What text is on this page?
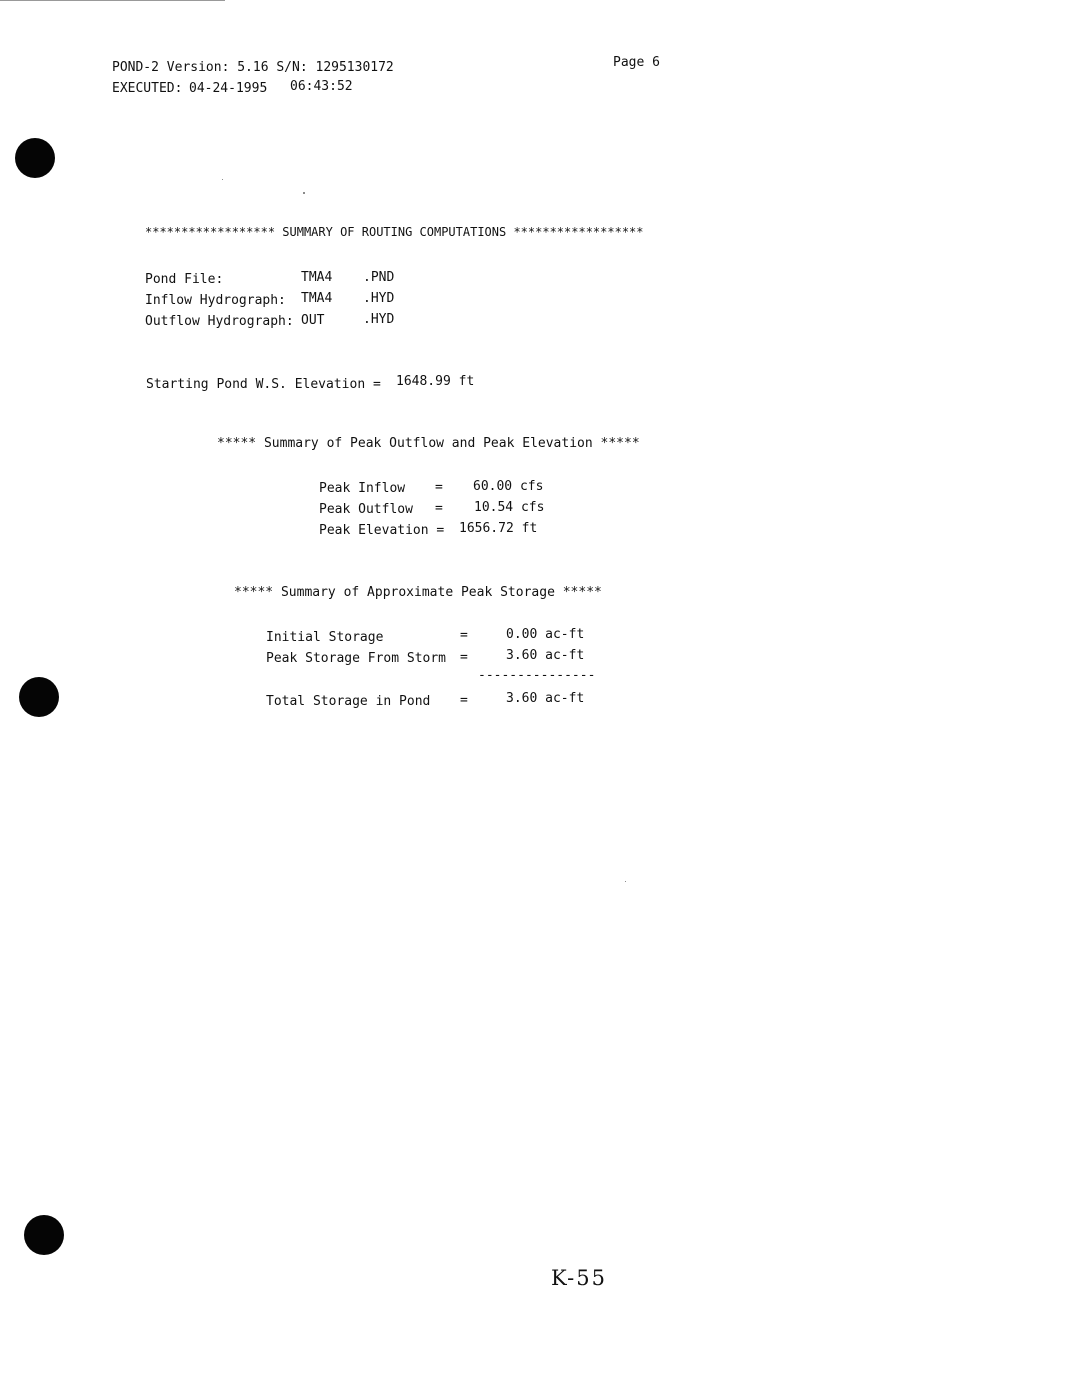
POND-2 Version: 5.16 S/N: 1295130172
EXECUTED: 04-24-1995 06:43:52
Page 6
****************** SUMMARY OF ROUTING COMPUTATIONS ******************
Pond File:	TMA4 .PND
Inflow Hydrograph: TMA4 .HYD
Outflow Hydrograph: OUT	.HYD
Starting Pond W.S. Elevation = 1648.99 ft
***** Summary of Peak Outflow and Peak Elevation *****
Peak Inflow = 60.00 cfs
Peak Outflow = 10.54 cfs
Peak Elevation = 1656.72 ft
***** Summary of Approximate Peak Storage *****
Initial Storage	=	0.00 ac-ft
Peak Storage From Storm =	3.60 ac-ft
---------------
Total Storage in Pond =	3.60 ac-ft
K-55
